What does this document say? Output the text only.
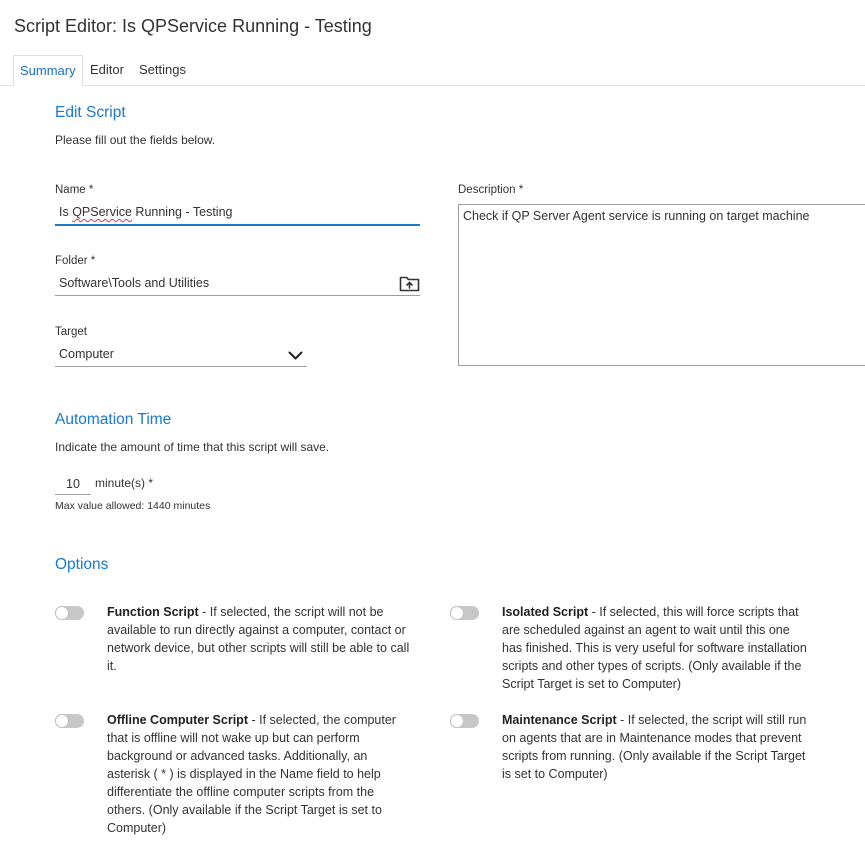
Script Editor: Is QPService Running - Testing
Summary	Editor Settings
Edit Script
Please fill out the fields below.
Name *
Is QPService Running - Testing
Folder *
Software\Tools and Utilities
Target
Computer
Description *
Check if QP Server Agent service is running on target machine
Automation Time
Indicate the amount of time that this script will save.
10	minute(s) *
Max value allowed: 1440 minutes
Options
Function Script - If selected, the script will not be available to run directly against a computer, contact or network device, but other scripts will still be able to call it.
Isolated Script - If selected, this will force scripts that are scheduled against an agent to wait until this one has finished. This is very useful for software installation scripts and other types of scripts. (Only available if the Script Target is set to Computer)
Offline Computer Script - If selected, the computer that is offline will not wake up but can perform background or advanced tasks. Additionally, an asterisk ( * ) is displayed in the Name field to help differentiate the offline computer scripts from the others. (Only available if the Script Target is set to Computer)
Maintenance Script - If selected, the script will still run on agents that are in Maintenance modes that prevent scripts from running. (Only available if the Script Target is set to Computer)
